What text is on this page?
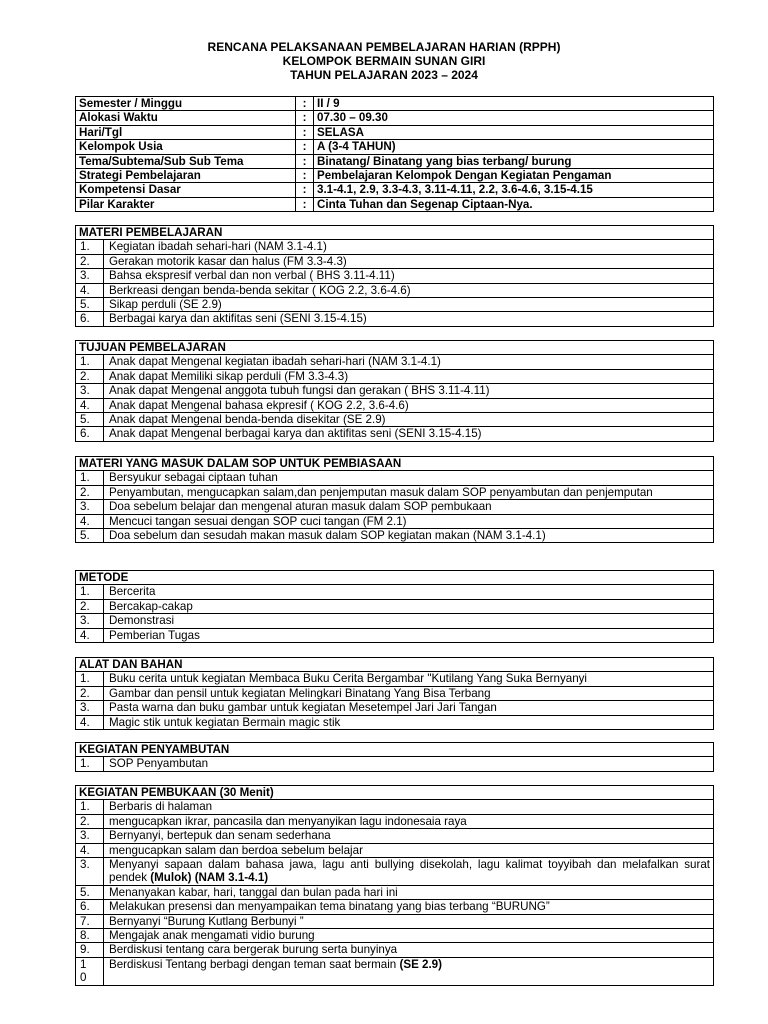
RENCANA PELAKSANAAN PEMBELAJARAN HARIAN (RPPH)
KELOMPOK BERMAIN SUNAN GIRI
TAHUN PELAJARAN 2023 – 2024
Semester / Minggu	:	II / 9
Alokasi Waktu	:	07.30 – 09.30
Hari/Tgl	:	SELASA
Kelompok Usia	:	A (3-4 TAHUN)
Tema/Subtema/Sub Sub Tema	:	Binatang/ Binatang yang bias terbang/ burung
Strategi Pembelajaran	:	Pembelajaran Kelompok Dengan Kegiatan Pengaman
Kompetensi Dasar	:	3.1-4.1, 2.9, 3.3-4.3, 3.11-4.11, 2.2, 3.6-4.6, 3.15-4.15
Pilar Karakter	:	Cinta Tuhan dan Segenap Ciptaan-Nya.
MATERI PEMBELAJARAN	
1.	Kegiatan ibadah sehari-hari (NAM 3.1-4.1)
2.	Gerakan motorik kasar dan halus (FM 3.3-4.3)
3.	Bahsa ekspresif verbal dan non verbal ( BHS 3.11-4.11)
4.	Berkreasi dengan benda-benda sekitar ( KOG 2.2, 3.6-4.6)
5.	Sikap perduli (SE 2.9)
6.	Berbagai karya dan aktifitas seni (SENI 3.15-4.15)
TUJUAN PEMBELAJARAN	
1.	Anak dapat Mengenal kegiatan ibadah sehari-hari (NAM 3.1-4.1)
2.	Anak dapat Memiliki sikap perduli (FM 3.3-4.3)
3.	Anak dapat Mengenal anggota tubuh fungsi dan gerakan ( BHS 3.11-4.11)
4.	Anak dapat Mengenal bahasa ekpresif ( KOG 2.2, 3.6-4.6)
5.	Anak dapat Mengenal benda-benda disekitar (SE 2.9)
6.	Anak dapat Mengenal berbagai karya dan aktifitas seni (SENI 3.15-4.15)
MATERI YANG MASUK DALAM SOP UNTUK PEMBIASAAN	
1.	Bersyukur sebagai ciptaan tuhan
2.	Penyambutan, mengucapkan salam,dan penjemputan masuk dalam SOP penyambutan dan penjemputan
3.	Doa sebelum belajar dan mengenal aturan masuk dalam SOP pembukaan
4.	Mencuci tangan sesuai dengan SOP cuci tangan (FM 2.1)
5.	Doa sebelum dan sesudah makan masuk dalam SOP kegiatan makan (NAM 3.1-4.1)
METODE	
1.	Bercerita
2.	Bercakap-cakap
3.	Demonstrasi
4.	Pemberian Tugas
ALAT DAN BAHAN	
1.	Buku cerita untuk kegiatan Membaca Buku Cerita Bergambar "Kutilang Yang Suka Bernyanyi
2.	Gambar dan pensil untuk kegiatan Melingkari Binatang Yang Bisa Terbang
3.	Pasta warna dan buku gambar untuk kegiatan Mesetempel Jari Jari Tangan
4.	Magic stik untuk kegiatan Bermain magic stik
KEGIATAN PENYAMBUTAN
1.	SOP Penyambutan
KEGIATAN PEMBUKAAN (30 Menit)	
1.	Berbaris di halaman
2.	mengucapkan ikrar, pancasila dan menyanyikan lagu indonesaia raya
3.	Bernyanyi, bertepuk dan senam sederhana
4.	mengucapkan salam dan berdoa sebelum belajar
3.	Menyanyi sapaan dalam bahasa jawa, lagu anti bullying disekolah, lagu kalimat toyyibah dan melafalkan surat pendek (Mulok) (NAM 3.1-4.1)
5.	Menanyakan kabar, hari, tanggal dan bulan pada hari ini
6.	Melakukan presensi dan menyampaikan tema binatang yang bias terbang “BURUNG”
7.	Bernyanyi “Burung Kutlang Berbunyi ”
8.	Mengajak anak mengamati vidio burung
9.	Berdiskusi tentang cara bergerak burung serta bunyinya
1 0	Berdiskusi Tentang berbagi dengan teman saat bermain (SE 2.9)
